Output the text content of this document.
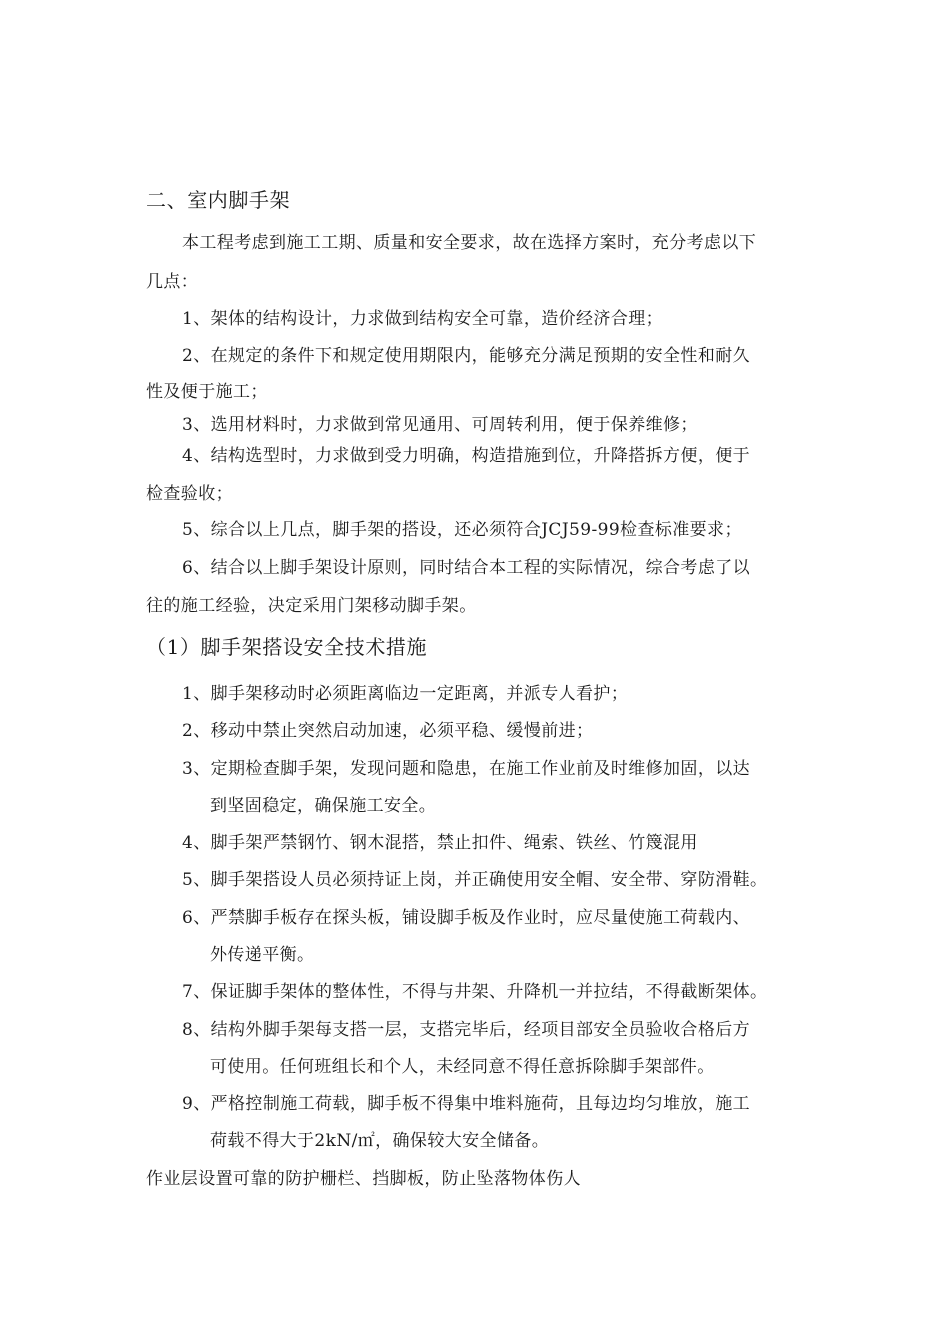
二、室内脚手架
本工程考虑到施工工期、质量和安全要求，故在选择方案时，充分考虑以下
几点：
1、架体的结构设计，力求做到结构安全可靠，造价经济合理；
2、在规定的条件下和规定使用期限内，能够充分满足预期的安全性和耐久
性及便于施工；
3、选用材料时，力求做到常见通用、可周转利用，便于保养维修；
4、结构选型时，力求做到受力明确，构造措施到位，升降搭拆方便，便于
检查验收；
5、综合以上几点，脚手架的搭设，还必须符合JCJ59-99检查标准要求；
6、结合以上脚手架设计原则，同时结合本工程的实际情况，综合考虑了以
往的施工经验，决定采用门架移动脚手架。
（1）脚手架搭设安全技术措施
1、脚手架移动时必须距离临边一定距离，并派专人看护；
2、移动中禁止突然启动加速，必须平稳、缓慢前进；
3、定期检查脚手架，发现问题和隐患，在施工作业前及时维修加固，以达
到坚固稳定，确保施工安全。
4、脚手架严禁钢竹、钢木混搭，禁止扣件、绳索、铁丝、竹篾混用
5、脚手架搭设人员必须持证上岗，并正确使用安全帽、安全带、穿防滑鞋。
6、严禁脚手板存在探头板，铺设脚手板及作业时，应尽量使施工荷载内、
外传递平衡。
7、保证脚手架体的整体性，不得与井架、升降机一并拉结，不得截断架体。
8、结构外脚手架每支搭一层，支搭完毕后，经项目部安全员验收合格后方
可使用。任何班组长和个人，未经同意不得任意拆除脚手架部件。
9、严格控制施工荷载，脚手板不得集中堆料施荷，且每边均匀堆放，施工
荷载不得大于2kN/㎡，确保较大安全储备。
作业层设置可靠的防护栅栏、挡脚板，防止坠落物体伤人
